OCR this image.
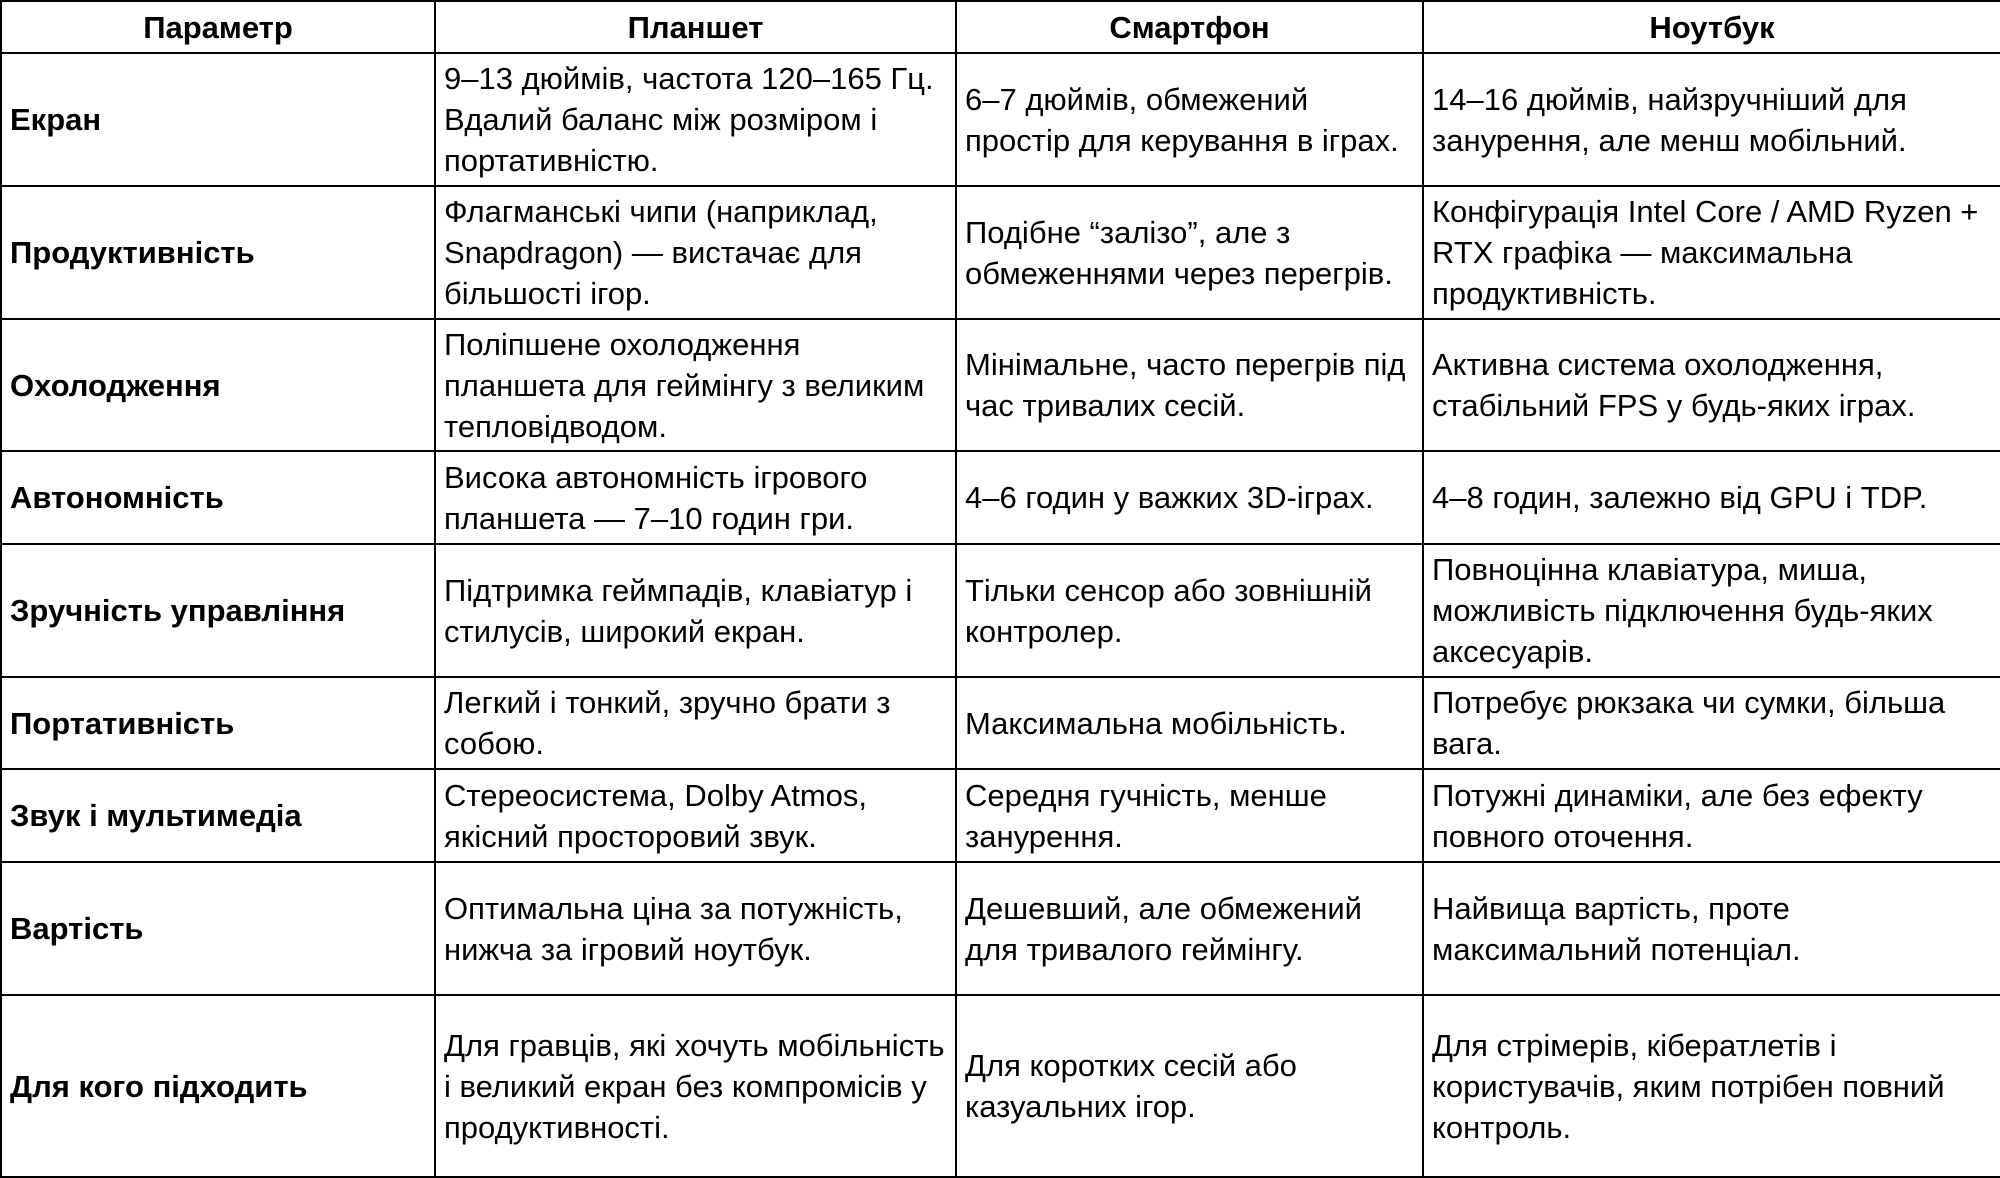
Параметр	Планшет	Смартфон	Ноутбук
Екран	9–13 дюймів, частота 120–165 Гц. Вдалий баланс між розміром і портативністю.	6–7 дюймів, обмежений простір для керування в іграх.	14–16 дюймів, найзручніший для занурення, але менш мобільний.
Продуктивність	Флагманські чипи (наприклад, Snapdragon) — вистачає для більшості ігор.	Подібне “залізо”, але з обмеженнями через перегрів.	Конфігурація Intel Core / AMD Ryzen + RTX графіка — максимальна продуктивність.
Охолодження	Поліпшене охолодження планшета для геймінгу з великим тепловідводом.	Мінімальне, часто перегрів під час тривалих сесій.	Активна система охолодження, стабільний FPS у будь-яких іграх.
Автономність	Висока автономність ігрового планшета — 7–10 годин гри.	4–6 годин у важких 3D-іграх.	4–8 годин, залежно від GPU і TDP.
Зручність управління	Підтримка геймпадів, клавіатур і стилусів, широкий екран.	Тільки сенсор або зовнішній контролер.	Повноцінна клавіатура, миша, можливість підключення будь-яких аксесуарів.
Портативність	Легкий і тонкий, зручно брати з собою.	Максимальна мобільність.	Потребує рюкзака чи сумки, більша вага.
Звук і мультимедіа	Стереосистема, Dolby Atmos, якісний просторовий звук.	Середня гучність, менше занурення.	Потужні динаміки, але без ефекту повного оточення.
Вартість	Оптимальна ціна за потужність, нижча за ігровий ноутбук.	Дешевший, але обмежений для тривалого геймінгу.	Найвища вартість, проте максимальний потенціал.
Для кого підходить	Для гравців, які хочуть мобільність і великий екран без компромісів у продуктивності.	Для коротких сесій або казуальних ігор.	Для стрімерів, кібератлетів і користувачів, яким потрібен повний контроль.
